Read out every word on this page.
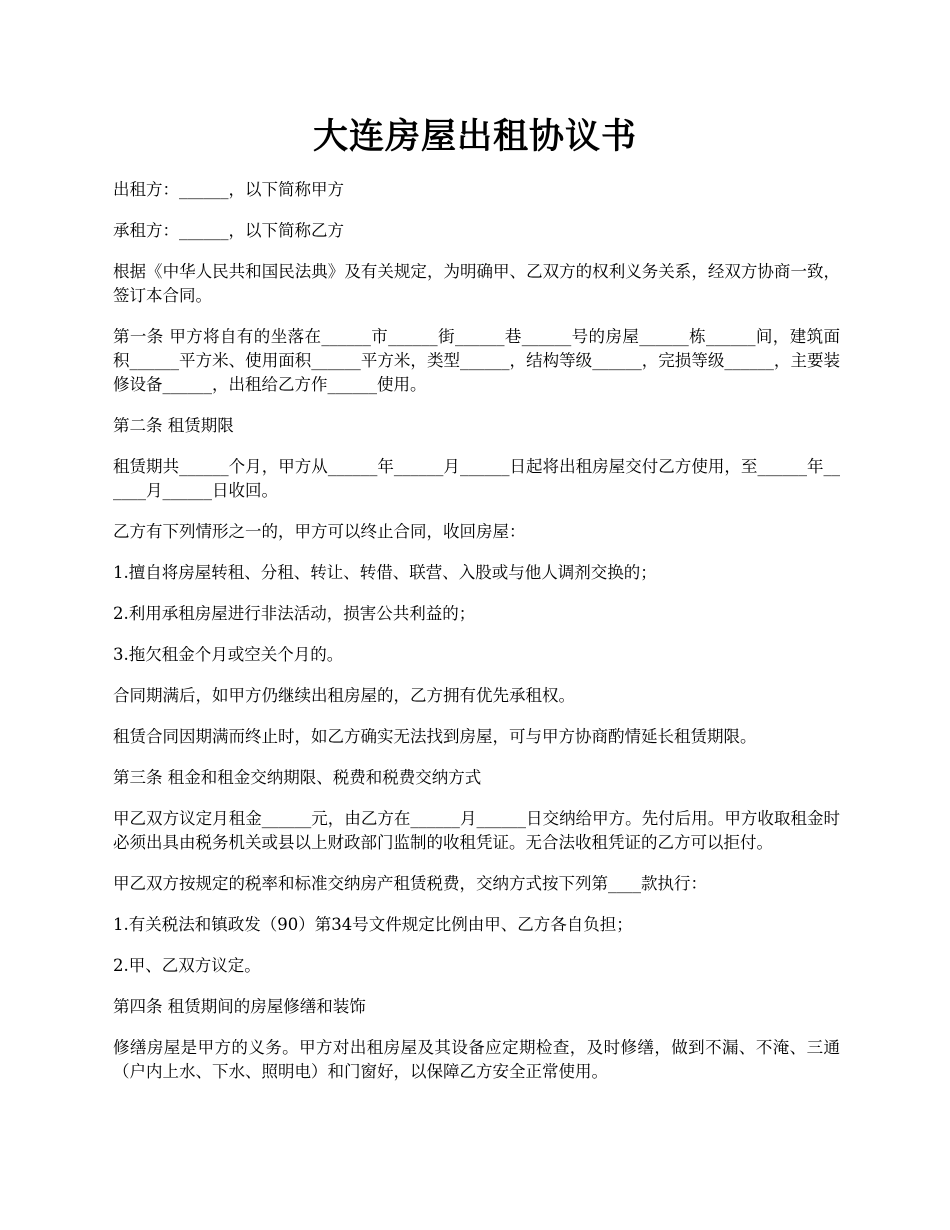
大连房屋出租协议书

出租方：______，以下简称甲方

承租方：______，以下简称乙方

根据《中华人民共和国民法典》及有关规定，为明确甲、乙双方的权利义务关系，经双方协商一致，签订本合同。

第一条 甲方将自有的坐落在______市______街______巷______号的房屋______栋______间，建筑面积______平方米、使用面积______平方米，类型______，结构等级______，完损等级______，主要装修设备______，出租给乙方作______使用。

第二条 租赁期限

租赁期共______个月，甲方从______年______月______日起将出租房屋交付乙方使用，至______年______月______日收回。

乙方有下列情形之一的，甲方可以终止合同，收回房屋：

1.擅自将房屋转租、分租、转让、转借、联营、入股或与他人调剂交换的；

2.利用承租房屋进行非法活动，损害公共利益的；

3.拖欠租金个月或空关个月的。

合同期满后，如甲方仍继续出租房屋的，乙方拥有优先承租权。

租赁合同因期满而终止时，如乙方确实无法找到房屋，可与甲方协商酌情延长租赁期限。

第三条 租金和租金交纳期限、税费和税费交纳方式

甲乙双方议定月租金______元，由乙方在______月______日交纳给甲方。先付后用。甲方收取租金时必须出具由税务机关或县以上财政部门监制的收租凭证。无合法收租凭证的乙方可以拒付。

甲乙双方按规定的税率和标准交纳房产租赁税费，交纳方式按下列第____款执行：

1.有关税法和镇政发（90）第34号文件规定比例由甲、乙方各自负担；

2.甲、乙双方议定。

第四条 租赁期间的房屋修缮和装饰

修缮房屋是甲方的义务。甲方对出租房屋及其设备应定期检查，及时修缮，做到不漏、不淹、三通（户内上水、下水、照明电）和门窗好，以保障乙方安全正常使用。
